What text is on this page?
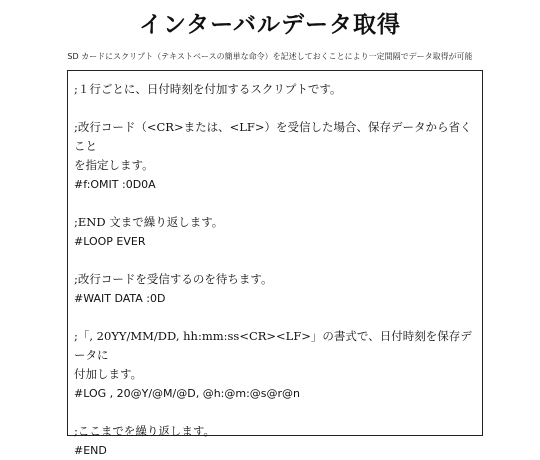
インターバルデータ取得
SD カードにスクリプト（テキストベースの簡単な命令）を記述しておくことにより一定間隔でデータ取得が可能
;１行ごとに、日付時刻を付加するスクリプトです。
;改行コード（<CR>または、<LF>）を受信した場合、保存データから省くこと
を指定します。
#f:OMIT :0D0A
;END 文まで繰り返します。
#LOOP EVER
;改行コードを受信するのを待ちます。
#WAIT DATA :0D
;「, 20YY/MM/DD, hh:mm:ss<CR><LF>」の書式で、日付時刻を保存データに
付加します。
#LOG , 20@Y/@M/@D, @h:@m:@s@r@n
;ここまでを繰り返します。
#END
